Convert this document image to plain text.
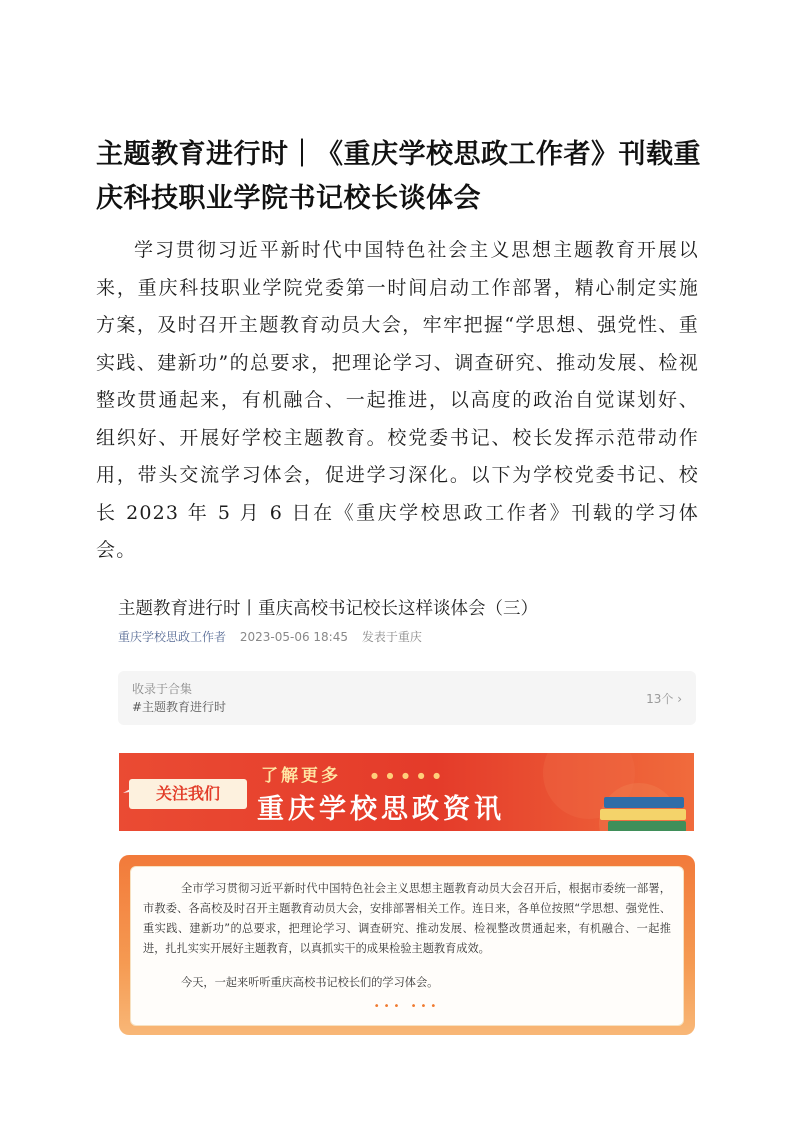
主题教育进行时｜《重庆学校思政工作者》刊载重庆科技职业学院书记校长谈体会
学习贯彻习近平新时代中国特色社会主义思想主题教育开展以来，重庆科技职业学院党委第一时间启动工作部署，精心制定实施方案，及时召开主题教育动员大会，牢牢把握“学思想、强党性、重实践、建新功”的总要求，把理论学习、调查研究、推动发展、检视整改贯通起来，有机融合、一起推进，以高度的政治自觉谋划好、组织好、开展好学校主题教育。校党委书记、校长发挥示范带动作用，带头交流学习体会，促进学习深化。以下为学校党委书记、校长 2023 年 5 月 6 日在《重庆学校思政工作者》刊载的学习体会。
主题教育进行时丨重庆高校书记校长这样谈体会（三）
重庆学校思政工作者 2023-05-06 18:45 发表于重庆
收录于合集
#主题教育进行时
13个 ›
关注我们
了解更多	● ● ● ● ●
重庆学校思政资讯
全市学习贯彻习近平新时代中国特色社会主义思想主题教育动员大会召开后，根据市委统一部署，市教委、各高校及时召开主题教育动员大会，安排部署相关工作。连日来，各单位按照“学思想、强党性、重实践、建新功”的总要求，把理论学习、调查研究、推动发展、检视整改贯通起来，有机融合、一起推进，扎扎实实开展好主题教育，以真抓实干的成果检验主题教育成效。
今天，一起来听听重庆高校书记校长们的学习体会。
••• •••
